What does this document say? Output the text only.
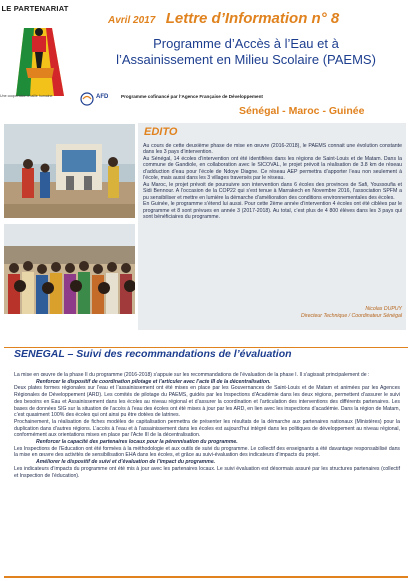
LE PARTENARIAT
Une coopération à taille humaine
Avril 2017 Lettre d’Information n° 8
Programme d’Accès à l’Eau et à
l’Assainissement en Milieu Scolaire (PAEMS)
AFD	Programme cofinancé par l’Agence Française de Développement
Sénégal - Maroc - Guinée
EDITO

Au cours de cette deuxième phase de mise en œuvre (2016-2018), le PAEMS connait une évolution constante dans les 3 pays d’intervention.

Au Sénégal, 14 écoles d’intervention ont été identifiées dans les régions de Saint-Louis et de Matam. Dans la commune de Gandiole, en collaboration avec le SICOVAL, le projet prévoit la réalisation de 3.8 km de réseau d’adduction d’eau pour l’école de Ndoye Diagne. Ce réseau AEP permettra d’apporter l’eau non seulement à l’école, mais aussi dans les 3 villages traversés par le réseau.

Au Maroc, le projet prévoit de poursuivre son intervention dans 6 écoles des provinces de Safi, Youssoufia et Sidi Bennour. A l’occasion de la COP22 qui s’est tenue à Marrakech en Novembre 2016, l’association SPFM a pu sensibiliser et mettre en lumière la démarche d’amélioration des conditions environnementales des écoles.

En Guinée, le programme s’étend lui aussi. Pour cette 2ème année d’intervention 4 écoles ont été ciblées par le programme et 8 sont prévues en année 3 (2017-2018). Au total, c’est plus de 4 800 élèves dans les 3 pays qui sont bénéficiaires du programme.

Nicolas DUPUY
Directeur Technique / Coordinateur Sénégal
SENEGAL – Suivi des recommandations de l’évaluation

La mise en œuvre de la phase II du programme (2016-2018) s’appuie sur les recommandations de l’évaluation de la phase I. Il s’agissait principalement de :

Renforcer le dispositif de coordination pilotage et l’articuler avec l’acte III de la décentralisation.

Deux plates formes régionales sur l’eau et l’assainissement ont été mises en place par les Gouvernances de Saint-Louis et de Matam et animées par les Agences Régionales de Développement (ARD). Les comités de pilotage du PAEMS, guidés par les Inspections d’Académie dans les deux régions, permettent d’assurer le suivi des besoins en Eau et Assainissement dans les écoles au niveau régional et d’assurer la coordination et l’articulation des interventions des différents partenaires. Les bases de données SIG sur la situation de l’accès à l’eau des écoles ont été mises à jour par les ARD, en lien avec les inspections d’académie. Dans la région de Matam, c’est quasiment 100% des écoles qui ont ainsi pu être dotées de latrines.

Prochainement, la réalisation de fiches modèles de capitalisation permettra de présenter les résultats de la démarche aux partenaires nationaux (Ministères) pour la duplication dans d’autres régions. L’accès à l’eau et à l’assainissement dans les écoles est aujourd’hui intégré dans les politiques de développement au niveau régional, conformément aux orientations mises en place par l’Acte III de la décentralisation.

Renforcer la capacité des partenaires locaux pour la pérennisation du programme.

Les Inspections de l’Education ont été formées à la méthodologie et aux outils de suivi du programme. Le collectif des enseignants a été davantage responsabilisé dans la mise en œuvre des activités de sensibilisation EHA dans les écoles, et grâce au suivi-évaluation des indicateurs d’impacts du projet.

Améliorer le dispositif de suivi et d’évaluation de l’impact du programme.

Les indicateurs d’impacts du programme ont été mis à jour avec les partenaires locaux. Le suivi évaluation est désormais assuré par les structures partenaires (collectif et Inspection de l’éducation).
